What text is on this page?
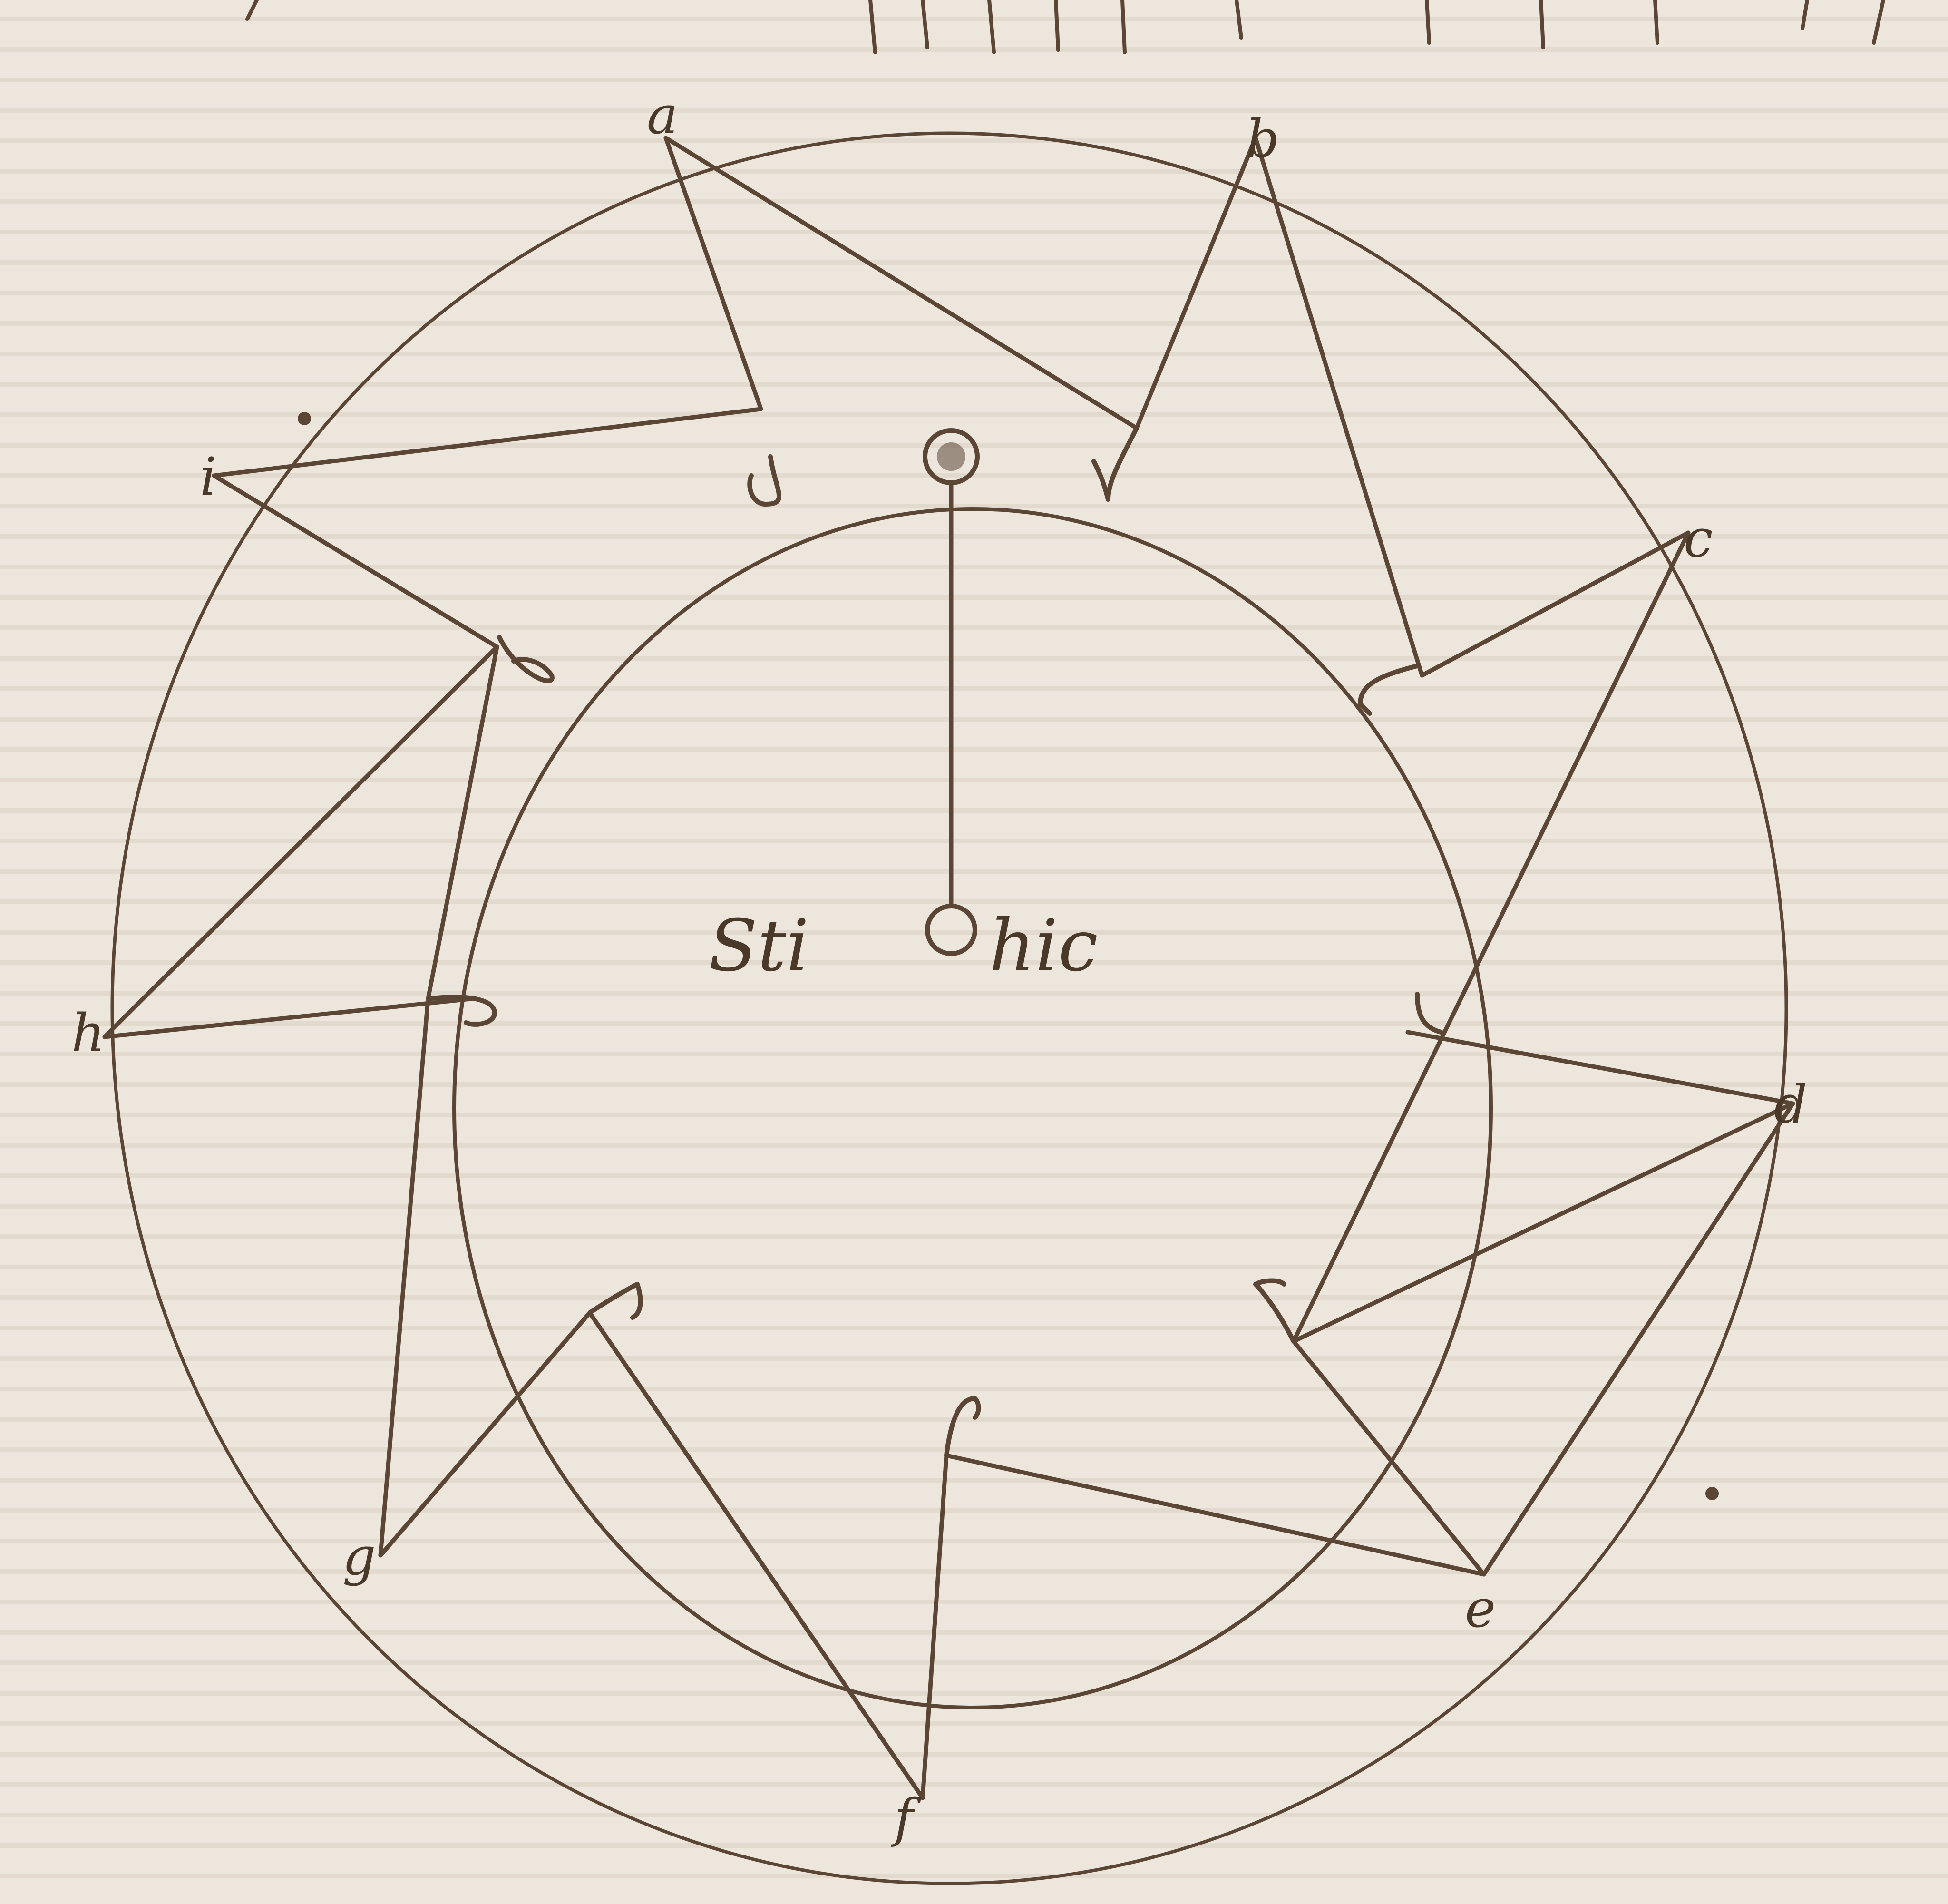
a	b
c
d
e
f
g
h
i
Sti	hic
